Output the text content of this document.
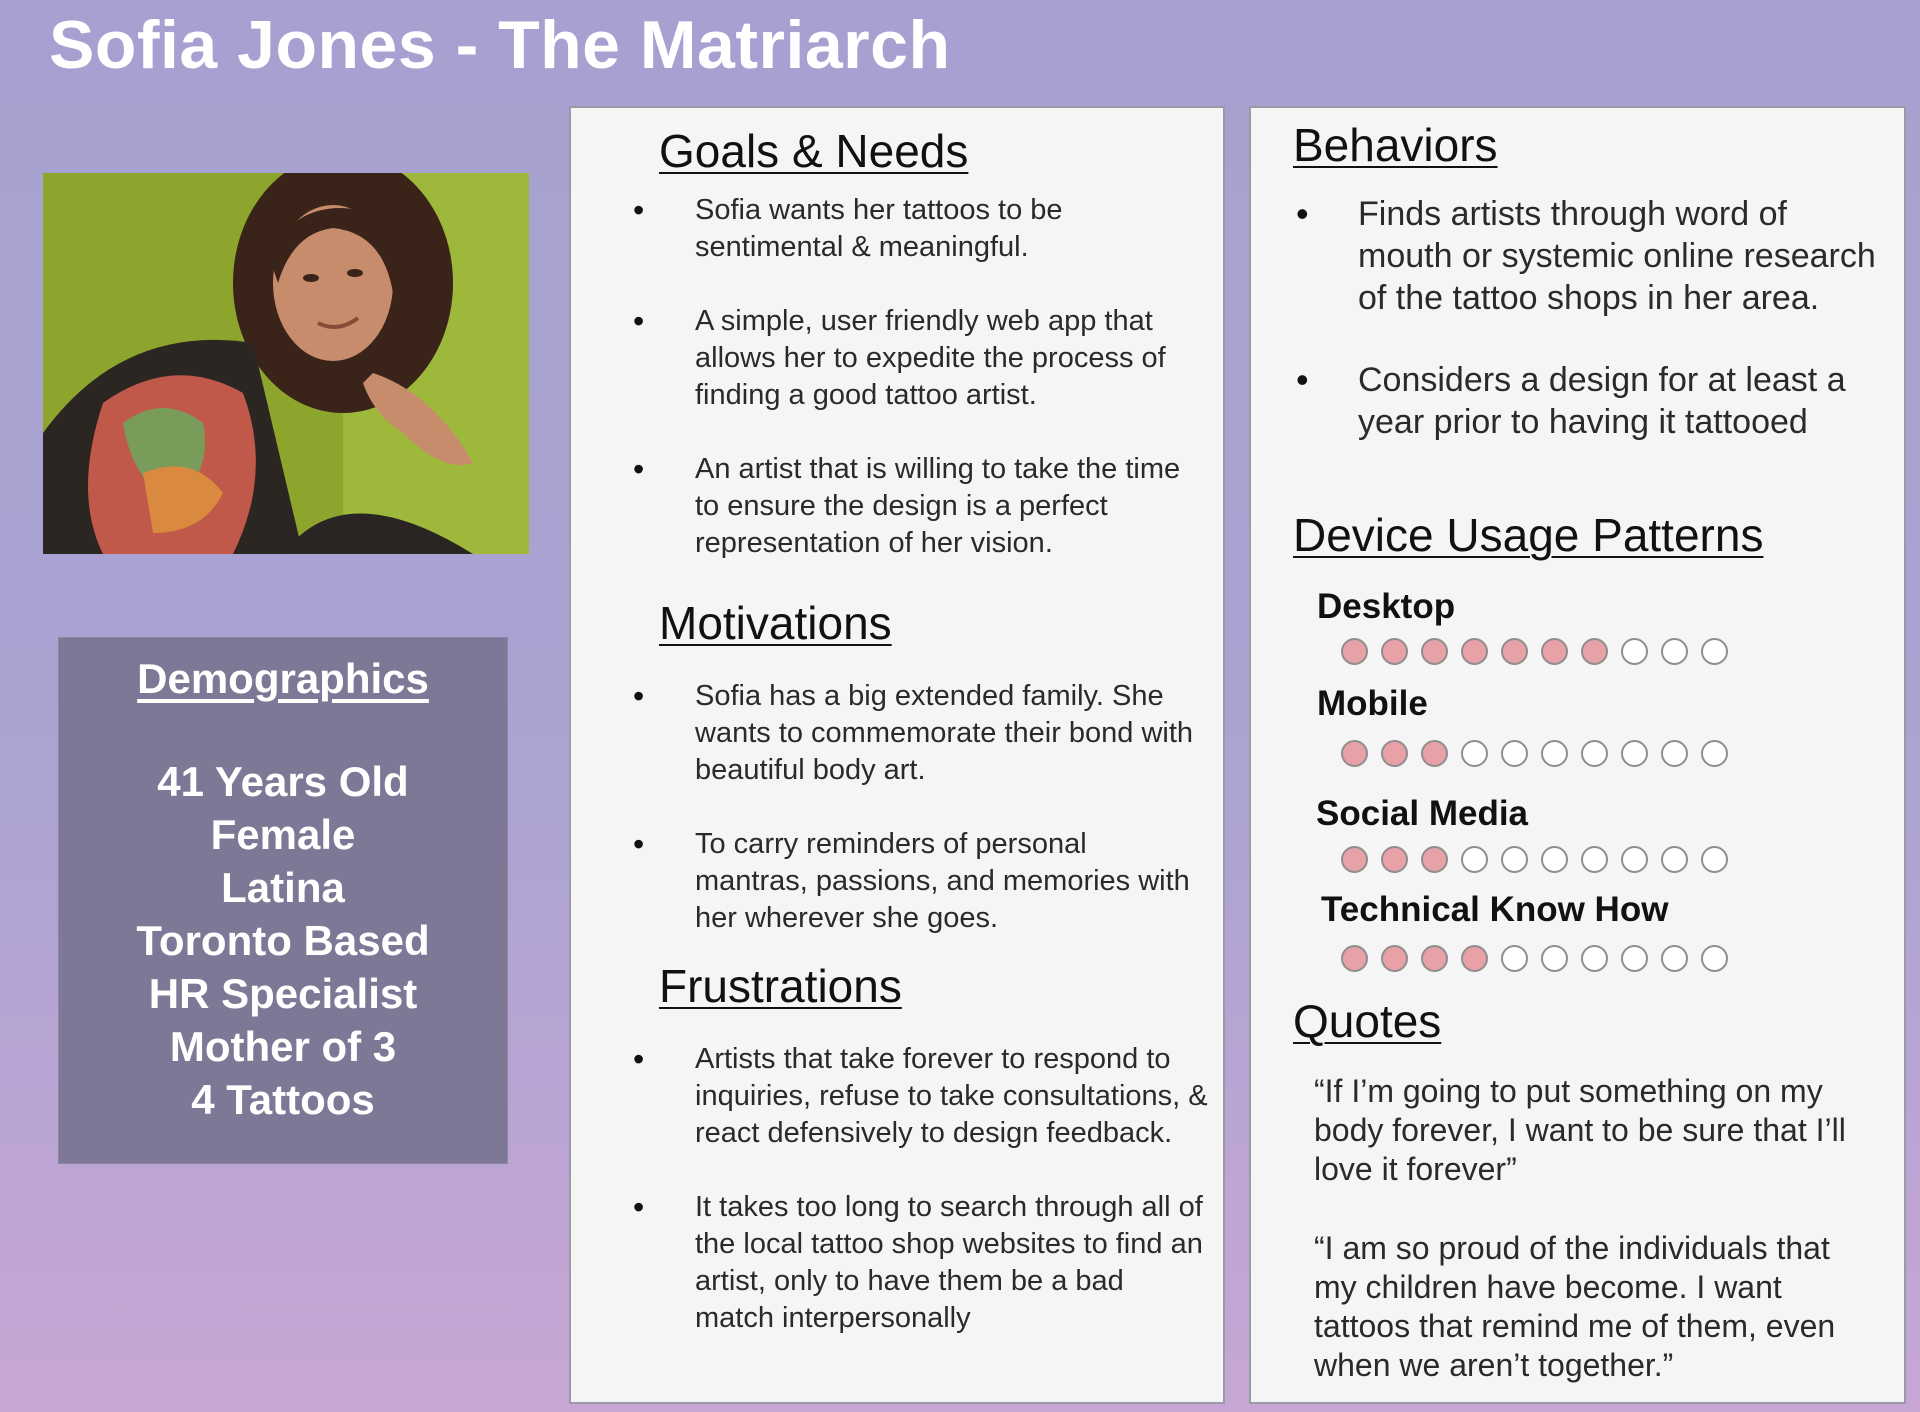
Sofia Jones - The Matriarch
Demographics
41 Years Old
Female
Latina
Toronto Based
HR Specialist
Mother of 3
4 Tattoos
Goals & Needs
• Sofia wants her tattoos to be sentimental & meaningful.
• A simple, user friendly web app that allows her to expedite the process of finding a good tattoo artist.
• An artist that is willing to take the time to ensure the design is a perfect representation of her vision.
Motivations
• Sofia has a big extended family. She wants to commemorate their bond with beautiful body art.
• To carry reminders of personal mantras, passions, and memories with her wherever she goes.
Frustrations
• Artists that take forever to respond to inquiries, refuse to take consultations, & react defensively to design feedback.
• It takes too long to search through all of the local tattoo shop websites to find an artist, only to have them be a bad match interpersonally
Behaviors
• Finds artists through word of mouth or systemic online research of the tattoo shops in her area.
• Considers a design for at least a year prior to having it tattooed
Device Usage Patterns
Desktop
Mobile
Social Media
Technical Know How
Quotes
“If I’m going to put something on my body forever, I want to be sure that I’ll love it forever”
“I am so proud of the individuals that my children have become. I want tattoos that remind me of them, even when we aren’t together.”
